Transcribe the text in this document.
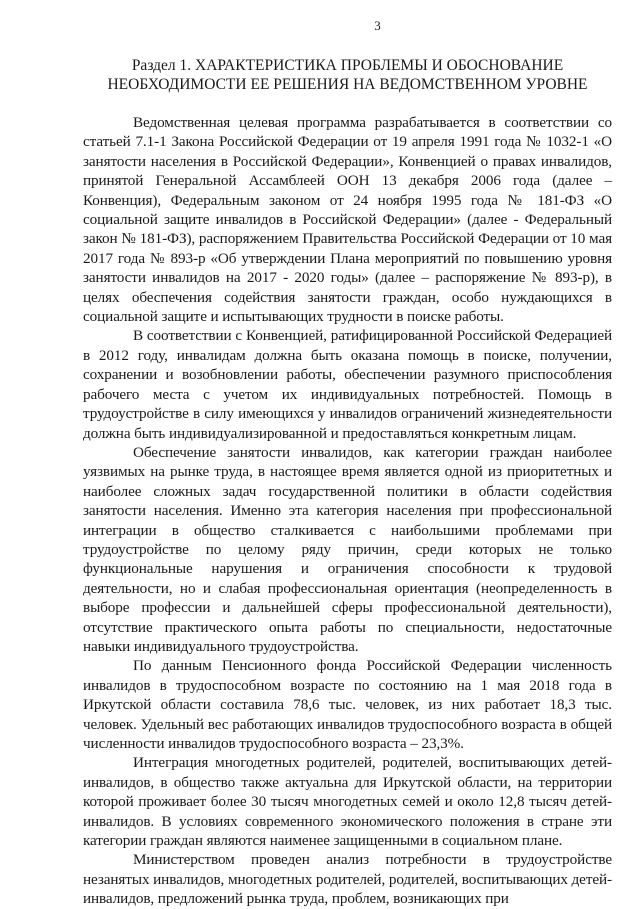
3
Раздел 1. ХАРАКТЕРИСТИКА ПРОБЛЕМЫ И ОБОСНОВАНИЕ
НЕОБХОДИМОСТИ ЕЕ РЕШЕНИЯ НА ВЕДОМСТВЕННОМ УРОВНЕ

Ведомственная целевая программа разрабатывается в соответствии со статьей 7.1-1 Закона Российской Федерации от 19 апреля 1991 года № 1032-1 «О занятости населения в Российской Федерации», Конвенцией о правах инвалидов, принятой Генеральной Ассамблеей ООН 13 декабря 2006 года (далее – Конвенция), Федеральным законом от 24 ноября 1995 года № 181-ФЗ «О социальной защите инвалидов в Российской Федерации» (далее - Федеральный закон № 181-ФЗ), распоряжением Правительства Российской Федерации от 10 мая 2017 года № 893-р «Об утверждении Плана мероприятий по повышению уровня занятости инвалидов на 2017 - 2020 годы» (далее – распоряжение № 893-р), в целях обеспечения содействия занятости граждан, особо нуждающихся в социальной защите и испытывающих трудности в поиске работы.

В соответствии с Конвенцией, ратифицированной Российской Федерацией в 2012 году, инвалидам должна быть оказана помощь в поиске, получении, сохранении и возобновлении работы, обеспечении разумного приспособления рабочего места с учетом их индивидуальных потребностей. Помощь в трудоустройстве в силу имеющихся у инвалидов ограничений жизнедеятельности должна быть индивидуализированной и предоставляться конкретным лицам.

Обеспечение занятости инвалидов, как категории граждан наиболее уязвимых на рынке труда, в настоящее время является одной из приоритетных и наиболее сложных задач государственной политики в области содействия занятости населения. Именно эта категория населения при профессиональной интеграции в общество сталкивается с наибольшими проблемами при трудоустройстве по целому ряду причин, среди которых не только функциональные нарушения и ограничения способности к трудовой деятельности, но и слабая профессиональная ориентация (неопределенность в выборе профессии и дальнейшей сферы профессиональной деятельности), отсутствие практического опыта работы по специальности, недостаточные навыки индивидуального трудоустройства.

По данным Пенсионного фонда Российской Федерации численность инвалидов в трудоспособном возрасте по состоянию на 1 мая 2018 года в Иркутской области составила 78,6 тыс. человек, из них работает 18,3 тыс. человек. Удельный вес работающих инвалидов трудоспособного возраста в общей численности инвалидов трудоспособного возраста – 23,3%.

Интеграция многодетных родителей, родителей, воспитывающих детей-инвалидов, в общество также актуальна для Иркутской области, на территории которой проживает более 30 тысяч многодетных семей и около 12,8 тысяч детей-инвалидов. В условиях современного экономического положения в стране эти категории граждан являются наименее защищенными в социальном плане.

Министерством проведен анализ потребности в трудоустройстве незанятых инвалидов, многодетных родителей, родителей, воспитывающих детей-инвалидов, предложений рынка труда, проблем, возникающих при
